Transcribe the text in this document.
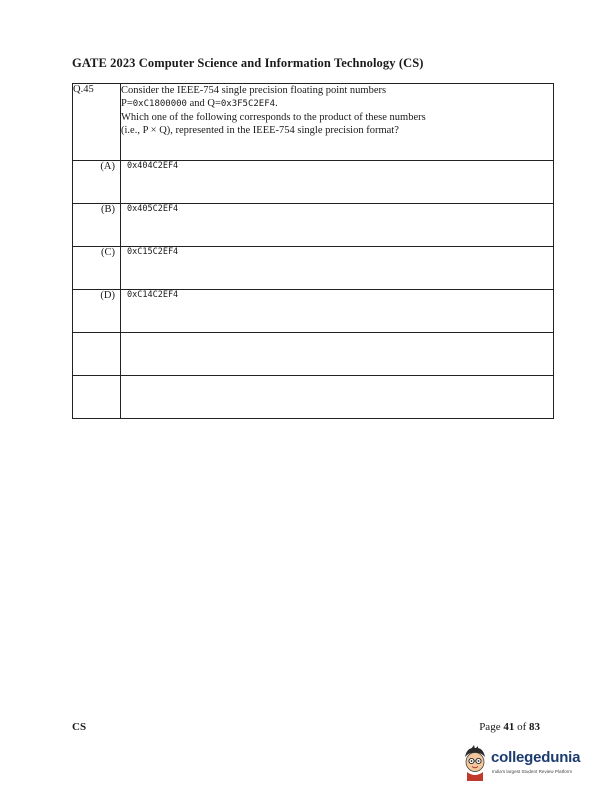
GATE 2023 Computer Science and Information Technology (CS)
Q.45	Consider the IEEE-754 single precision floating point numbers
P=0xC1800000 and Q=0x3F5C2EF4.
Which one of the following corresponds to the product of these numbers
(i.e., P × Q), represented in the IEEE-754 single precision format?

(A)	0x404C2EF4
(B)	0x405C2EF4
(C)	0xC15C2EF4
(D)	0xC14C2EF4

CS	Page 41 of 83
collegedunia
India's largest Student Review Platform
